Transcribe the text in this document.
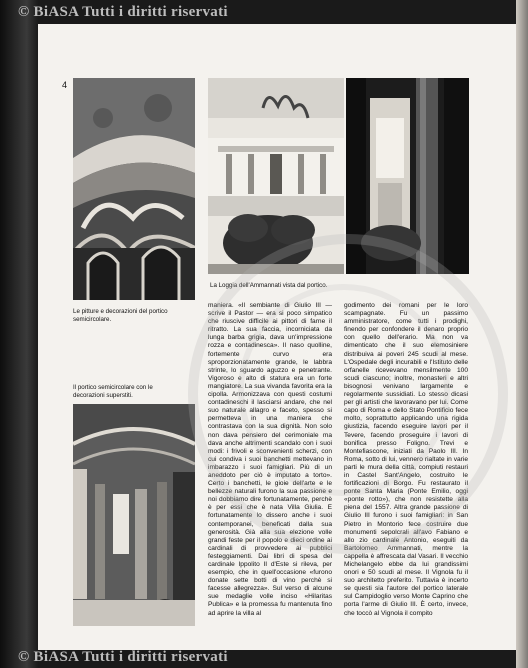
© BiASA Tutti i diritti riservati
4
Le pitture e decorazioni del portico semicircolare.
La Loggia dell'Ammannati vista dal portico.
Il portico semicircolare con le decorazioni superstiti.
maniera. «Il sembiante di Giulio III — scrive il Pastor — era si poco simpatico che riuscive difficile ai pittori di farne il ritratto. La sua faccia, incorniciata da lunga barba grigia, dava un'impressione rozza e contadinesca». Il naso quolline, fortemente curvo era sproporzionatamente grande, le labbra strinte, lo sguardo aguzzo e penetrante. Vigoroso e alto di statura era un forte mangiatore. La sua vivanda favorita era la cipolla. Armonizzava con questi costumi contadineschi il lasciarsi andare, che nel suo naturale allagro e faceto, spesso si permetteva in una maniera che contrastava con la sua dignità. Non solo non dava pensiero del cerimoniale ma dava anche altrimenti scandalo con i suoi modi: i frivoli e sconvenienti scherzi, con cui condiva i suoi banchetti mettevano in imbarazzo i suoi famigliari. Più di un aneddoto per ciò è imputato a torto». Certo i banchetti, le gioie dell'arte e le bellezze naturali furono la sua passione e noi dobbiamo dire fortunatamente, perchè è per essi che è nata Villa Giulia. E fortunatamente lo dissero anche i suoi contemporanei, beneficati dalla sua generosità. Già alla sua elezione volle grandi feste per il popolo e dieci ordine ai cardinali di provvedere ai pubblici festeggiamenti. Dai libri di spesa del cardinale Ippolito II d'Este si rileva, per esempio, che in quell'occasione «furono donate sette botti di vino perchè si facesse allegrezza». Sul verso di alcune sue medaglie volle inciso «Hilaritas Publica» e la promessa fu mantenuta fino ad aprire la villa al
godimento dei romani per le loro scampagnate. Fu un passimo amministratore, come tutti i prodighi, finendo per confondere il denaro proprio con quello dell'erario. Ma non va dimenticato che il suo elemosiniere distribuiva ai poveri 245 scudi al mese. L'Ospedale degli incurabili e l'Istituto delle orfanelle ricevevano mensilmente 100 scudi ciascuno; inoltre, monasteri e altri bisognosi venivano largamente e regolarmente sussidiati. Lo stesso dicasi per gli artisti che lavoravano per lui. Come capo di Roma e dello Stato Pontificio fece molto, soprattutto applicando una rigida giustizia, facendo eseguire lavori per il Tevere, facendo proseguire i lavori di bonifica presso Foligno. Trevi e Montefiascone, iniziati da Paolo III. In Roma, sotto di lui, vennero rialtate in varie parti le mura della città, compiuti restauri in Castel Sant'Angelo, costruito le fortificazioni di Borgo. Fu restaurato il ponte Santa Maria (Ponte Emilio, oggi «ponte rotto»), che non resistette alla piena del 1557. Altra grande passione di Giulio III furono i suoi famigliari: in San Pietro in Montorio fece costruire due monumenti sepolcrali all'avo Fabiano e allo zio cardinale Antonio, eseguiti da Bartolomeo Ammannati, mentre la cappella è affrescata dal Vasari. Il vecchio Michelangelo ebbe da lui grandissimi onori e 50 scudi al mese. Il Vignola fu il suo architetto preferito. Tuttavia è incerto se questi sia l'autore del portico laterale sul Campidoglio verso Monte Caprino che porta l'arme di Giulio III. È certo, invece, che toccò al Vignola il compito
© BiASA Tutti i diritti riservati
